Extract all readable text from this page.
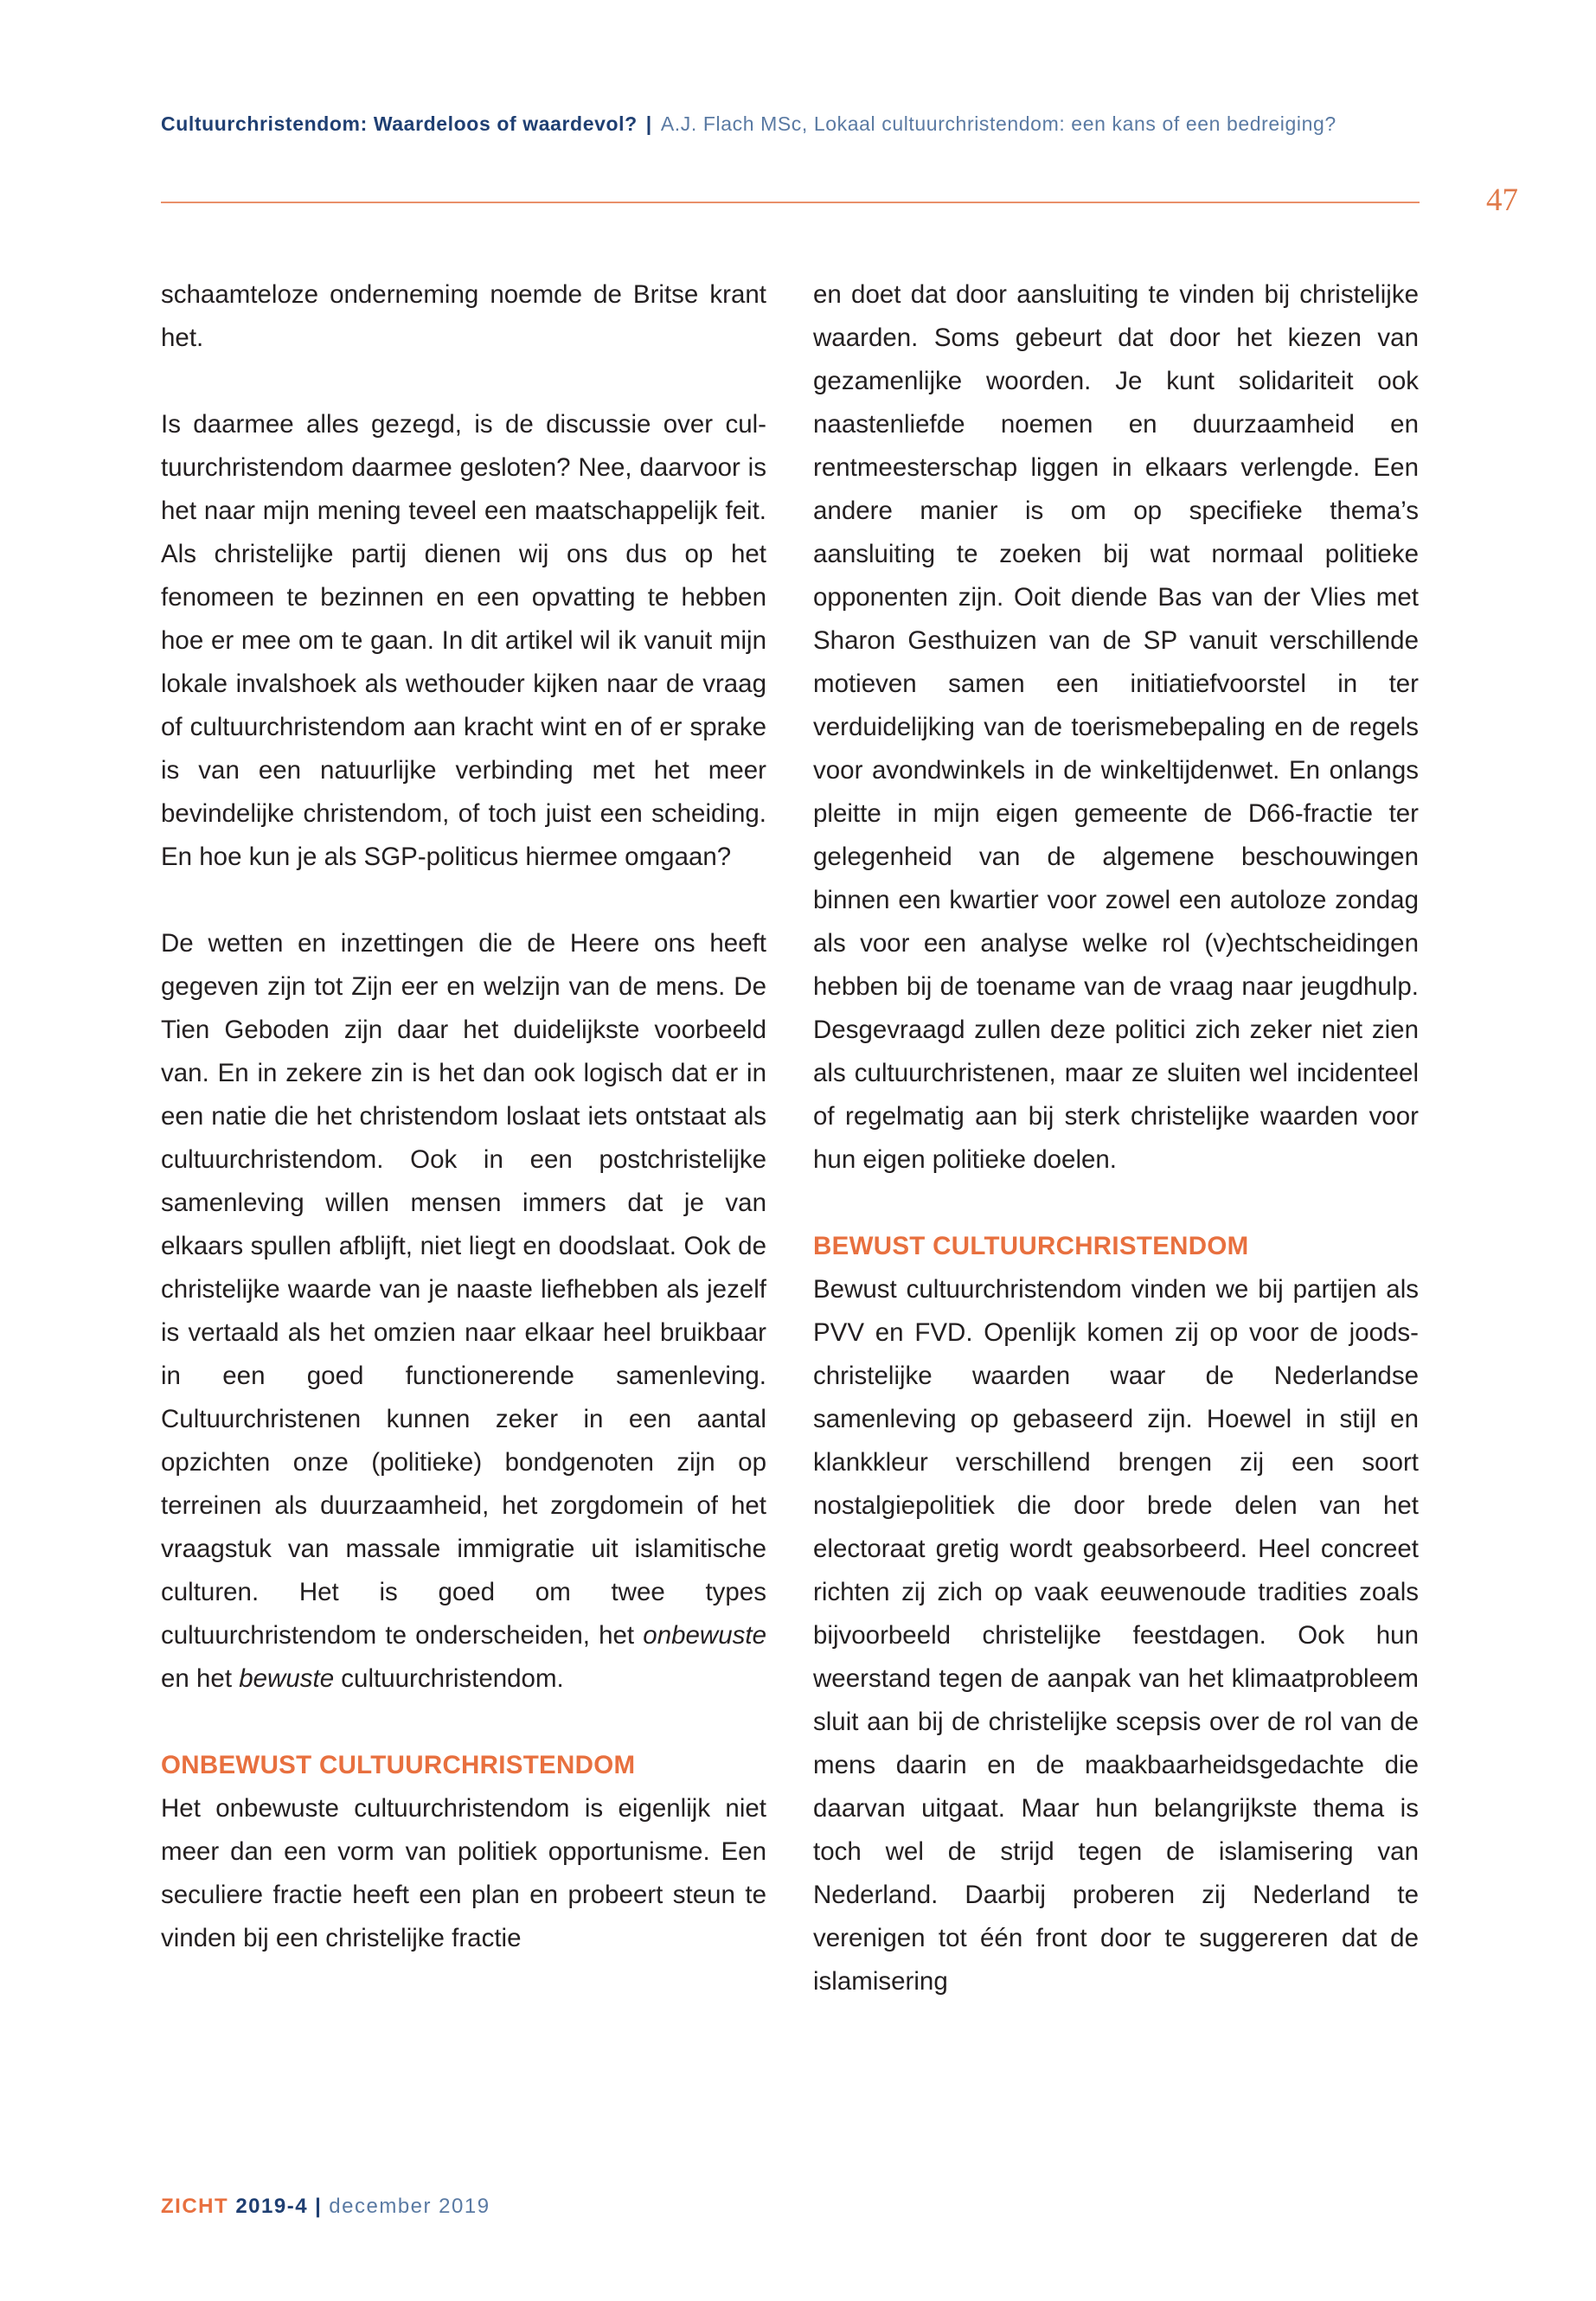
Cultuurchristendom: Waardeloos of waardevol? | A.J. Flach MSc, Lokaal cultuurchristendom: een kans of een bedreiging?
47

schaamteloze onderneming noemde de Britse krant het.

Is daarmee alles gezegd, is de discussie over cultuurchristendom daarmee gesloten? Nee, daarvoor is het naar mijn mening teveel een maatschappelijk feit. Als christelijke partij dienen wij ons dus op het fenomeen te bezinnen en een opvatting te hebben hoe er mee om te gaan. In dit artikel wil ik vanuit mijn lokale invalshoek als wethouder kijken naar de vraag of cultuurchristendom aan kracht wint en of er sprake is van een natuurlijke verbinding met het meer bevindelijke christendom, of toch juist een scheiding. En hoe kun je als SGP-politicus hiermee omgaan?

De wetten en inzettingen die de Heere ons heeft gegeven zijn tot Zijn eer en welzijn van de mens. De Tien Geboden zijn daar het duidelijkste voorbeeld van. En in zekere zin is het dan ook logisch dat er in een natie die het christendom loslaat iets ontstaat als cultuurchristendom. Ook in een postchristelijke samenleving willen mensen immers dat je van elkaars spullen afblijft, niet liegt en doodslaat. Ook de christelijke waarde van je naaste liefhebben als jezelf is vertaald als het omzien naar elkaar heel bruikbaar in een goed functionerende samenleving. Cultuurchristenen kunnen zeker in een aantal opzichten onze (politieke) bondgenoten zijn op terreinen als duurzaamheid, het zorgdomein of het vraagstuk van massale immigratie uit islamitische culturen. Het is goed om twee types cultuurchristendom te onderscheiden, het onbewuste en het bewuste cultuurchristendom.

ONBEWUST CULTUURCHRISTENDOM

Het onbewuste cultuurchristendom is eigenlijk niet meer dan een vorm van politiek opportunisme. Een seculiere fractie heeft een plan en probeert steun te vinden bij een christelijke fractie

en doet dat door aansluiting te vinden bij christelijke waarden. Soms gebeurt dat door het kiezen van gezamenlijke woorden. Je kunt solidariteit ook naastenliefde noemen en duurzaamheid en rentmeesterschap liggen in elkaars verlengde. Een andere manier is om op specifieke thema’s aansluiting te zoeken bij wat normaal politieke opponenten zijn. Ooit diende Bas van der Vlies met Sharon Gesthuizen van de SP vanuit verschillende motieven samen een initiatiefvoorstel in ter verduidelijking van de toerismebepaling en de regels voor avondwinkels in de winkeltijdenwet. En onlangs pleitte in mijn eigen gemeente de D66-fractie ter gelegenheid van de algemene beschouwingen binnen een kwartier voor zowel een autoloze zondag als voor een analyse welke rol (v)echtscheidingen hebben bij de toename van de vraag naar jeugdhulp. Desgevraagd zullen deze politici zich zeker niet zien als cultuurchristenen, maar ze sluiten wel incidenteel of regelmatig aan bij sterk christelijke waarden voor hun eigen politieke doelen.

BEWUST CULTUURCHRISTENDOM

Bewust cultuurchristendom vinden we bij partijen als PVV en FVD. Openlijk komen zij op voor de joods-christelijke waarden waar de Nederlandse samenleving op gebaseerd zijn. Hoewel in stijl en klankkleur verschillend brengen zij een soort nostalgiepolitiek die door brede delen van het electoraat gretig wordt geabsorbeerd. Heel concreet richten zij zich op vaak eeuwenoude tradities zoals bijvoorbeeld christelijke feestdagen. Ook hun weerstand tegen de aanpak van het klimaatprobleem sluit aan bij de christelijke scepsis over de rol van de mens daarin en de maakbaarheidsgedachte die daarvan uitgaat. Maar hun belangrijkste thema is toch wel de strijd tegen de islamisering van Nederland. Daarbij proberen zij Nederland te verenigen tot één front door te suggereren dat de islamisering

ZICHT 2019-4 | december 2019
